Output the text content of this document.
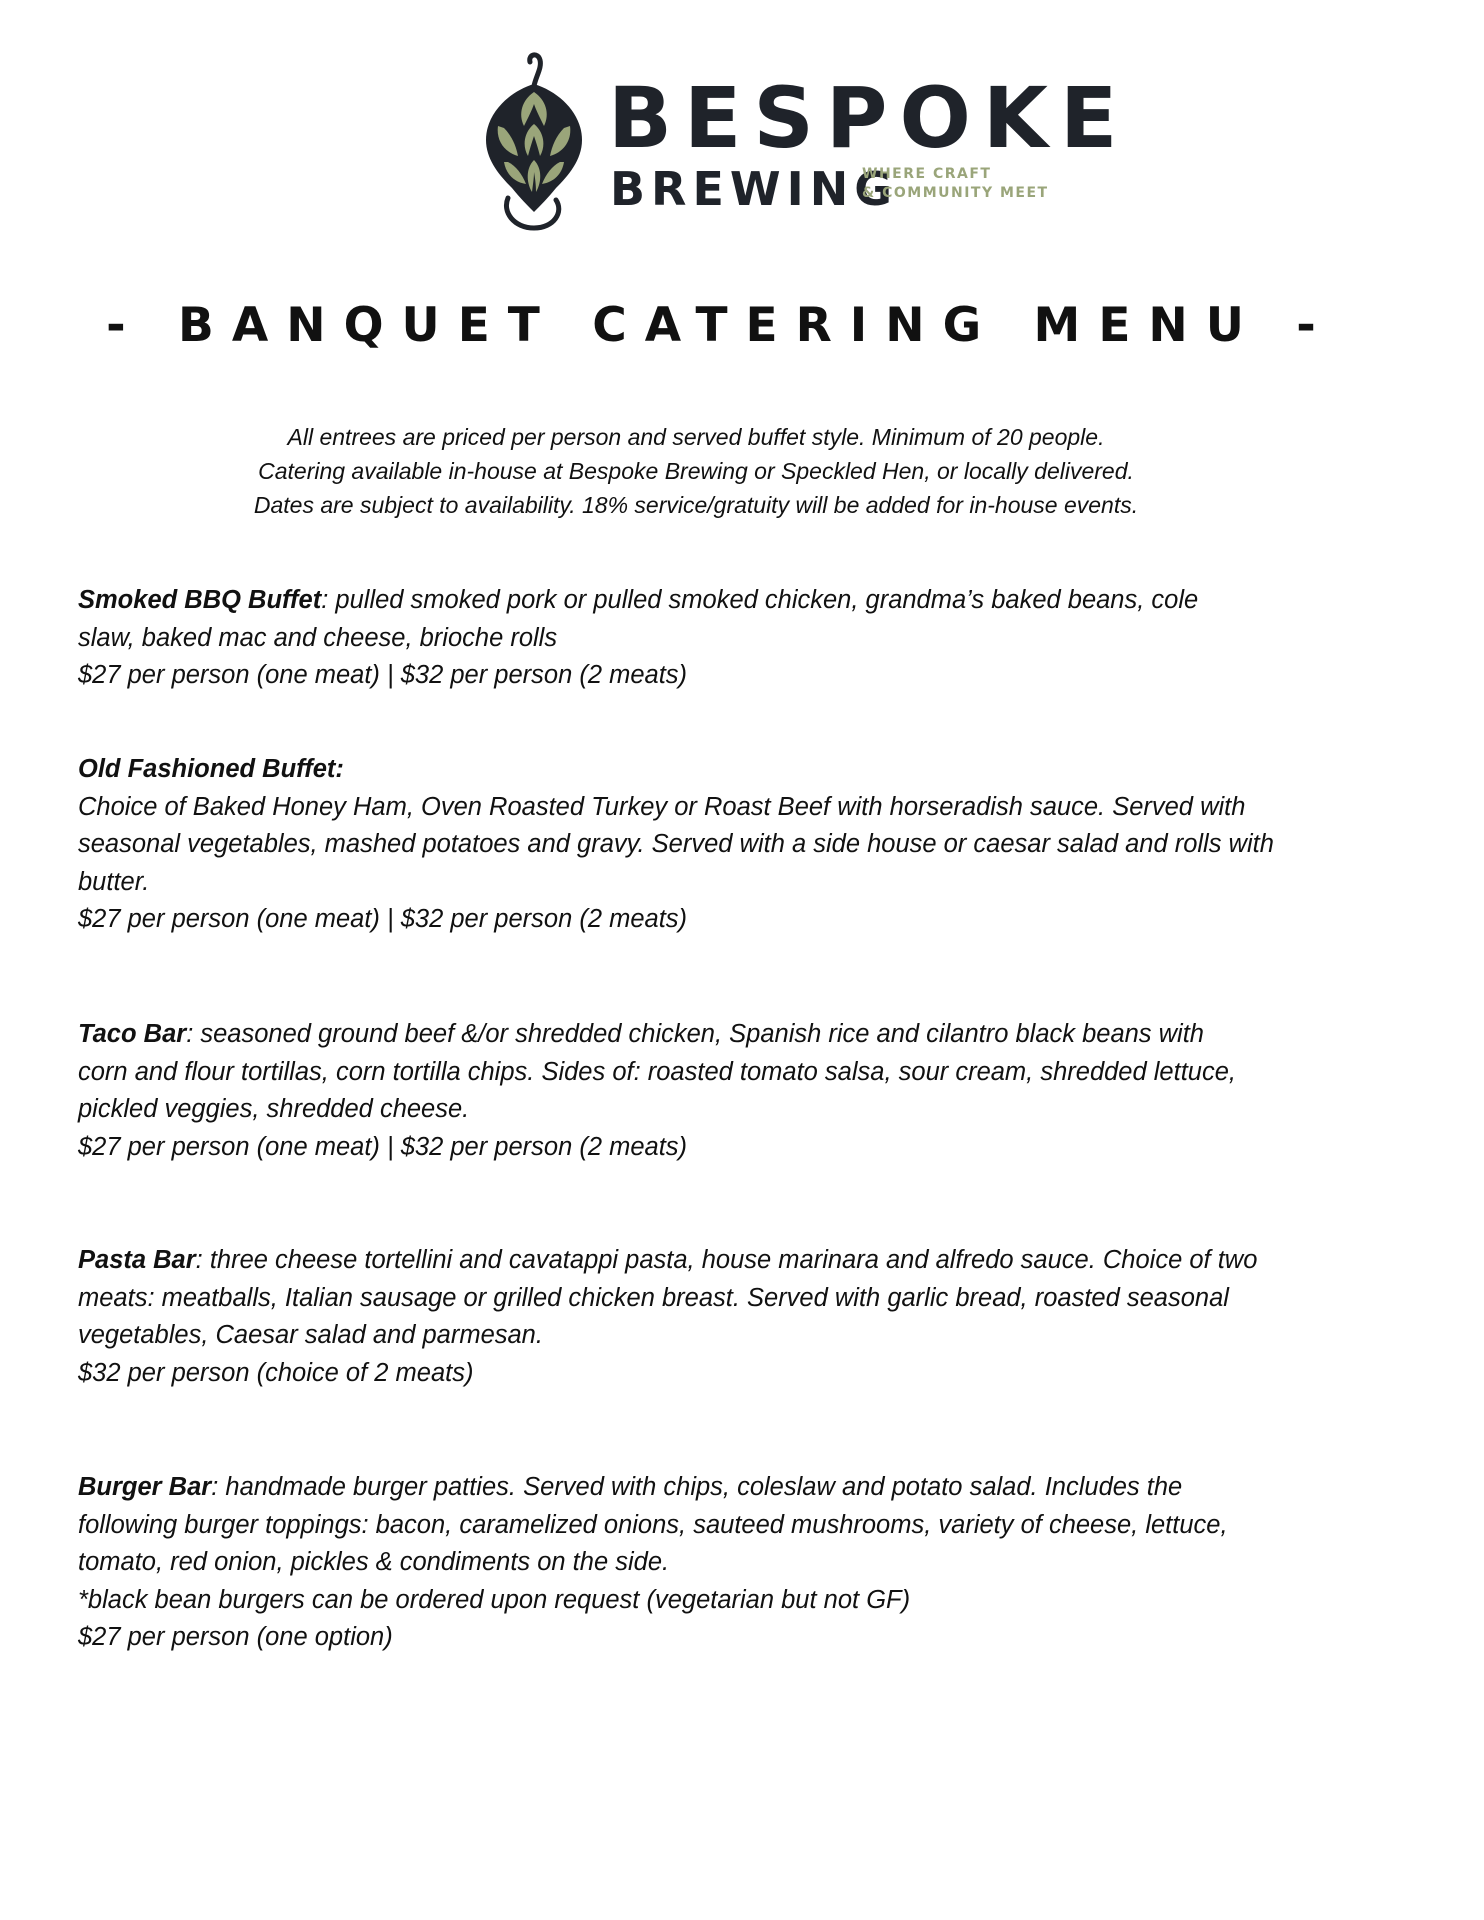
BESPOKE
BREWING
WHERE CRAFT
& COMMUNITY MEET
- BANQUET CATERING MENU -
All entrees are priced per person and served buffet style. Minimum of 20 people.
Catering available in-house at Bespoke Brewing or Speckled Hen, or locally delivered.
Dates are subject to availability. 18% service/gratuity will be added for in-house events.
Smoked BBQ Buffet: pulled smoked pork or pulled smoked chicken, grandma’s baked beans, cole
slaw, baked mac and cheese, brioche rolls
$27 per person (one meat) | $32 per person (2 meats)
Old Fashioned Buffet:
Choice of Baked Honey Ham, Oven Roasted Turkey or Roast Beef with horseradish sauce. Served with
seasonal vegetables, mashed potatoes and gravy. Served with a side house or caesar salad and rolls with
butter.
$27 per person (one meat) | $32 per person (2 meats)
Taco Bar: seasoned ground beef &/or shredded chicken, Spanish rice and cilantro black beans with
corn and flour tortillas, corn tortilla chips. Sides of: roasted tomato salsa, sour cream, shredded lettuce,
pickled veggies, shredded cheese.
$27 per person (one meat) | $32 per person (2 meats)
Pasta Bar: three cheese tortellini and cavatappi pasta, house marinara and alfredo sauce. Choice of two
meats: meatballs, Italian sausage or grilled chicken breast. Served with garlic bread, roasted seasonal
vegetables, Caesar salad and parmesan.
$32 per person (choice of 2 meats)
Burger Bar: handmade burger patties. Served with chips, coleslaw and potato salad. Includes the
following burger toppings: bacon, caramelized onions, sauteed mushrooms, variety of cheese, lettuce,
tomato, red onion, pickles & condiments on the side.
*black bean burgers can be ordered upon request (vegetarian but not GF)
$27 per person (one option)
